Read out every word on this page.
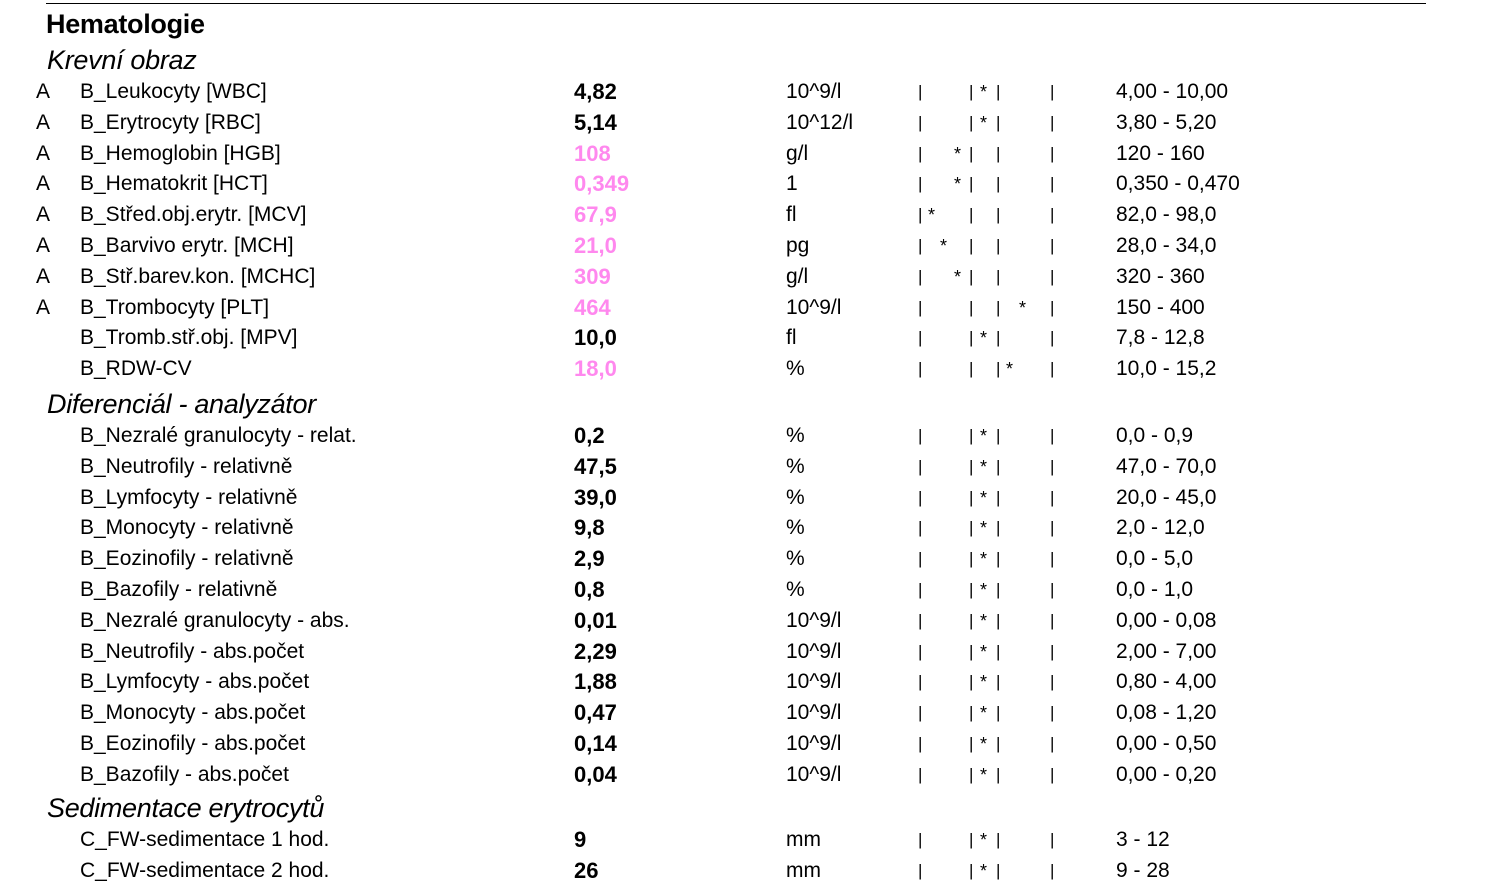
Hematologie
Krevní obraz
A B_Leukocyty [WBC]	4,82	10^9/l	|	| * |	|	4,00 - 10,00
A B_Erytrocyty [RBC]	5,14	10^12/l	|	| * |	|	3,80 - 5,20
A B_Hemoglobin [HGB]	108	g/l	| * | |	|	120 - 160
A B_Hematokrit [HCT]	0,349	1	| * | |	|	0,350 - 0,470
A B_Střed.obj.erytr. [MCV]	67,9	fl	| * | |	|	82,0 - 98,0
A B_Barvivo erytr. [MCH]	21,0	pg	| * | |	|	28,0 - 34,0
A B_Stř.barev.kon. [MCHC]	309	g/l	| * | |	|	320 - 360
A B_Trombocyty [PLT]	464	10^9/l	|	| | * |	150 - 400
B_Tromb.stř.obj. [MPV]	10,0	fl	|	| * |	|	7,8 - 12,8
B_RDW-CV	18,0	%	|	| | * |	10,0 - 15,2
Diferenciál - analyzátor
B_Nezralé granulocyty - relat.	0,2	%	|	| * |	|	0,0 - 0,9
B_Neutrofily - relativně	47,5	%	|	| * |	|	47,0 - 70,0
B_Lymfocyty - relativně	39,0	%	|	| * |	|	20,0 - 45,0
B_Monocyty - relativně	9,8	%	|	| * |	|	2,0 - 12,0
B_Eozinofily - relativně	2,9	%	|	| * |	|	0,0 - 5,0
B_Bazofily - relativně	0,8	%	|	| * |	|	0,0 - 1,0
B_Nezralé granulocyty - abs.	0,01	10^9/l	|	| * |	|	0,00 - 0,08
B_Neutrofily - abs.počet	2,29	10^9/l	|	| * |	|	2,00 - 7,00
B_Lymfocyty - abs.počet	1,88	10^9/l	|	| * |	|	0,80 - 4,00
B_Monocyty - abs.počet	0,47	10^9/l	|	| * |	|	0,08 - 1,20
B_Eozinofily - abs.počet	0,14	10^9/l	|	| * |	|	0,00 - 0,50
B_Bazofily - abs.počet	0,04	10^9/l	|	| * |	|	0,00 - 0,20
Sedimentace erytrocytů
C_FW-sedimentace 1 hod.	9	mm	|	| * |	|	3 - 12
C_FW-sedimentace 2 hod.	26	mm	|	| * |	|	9 - 28
